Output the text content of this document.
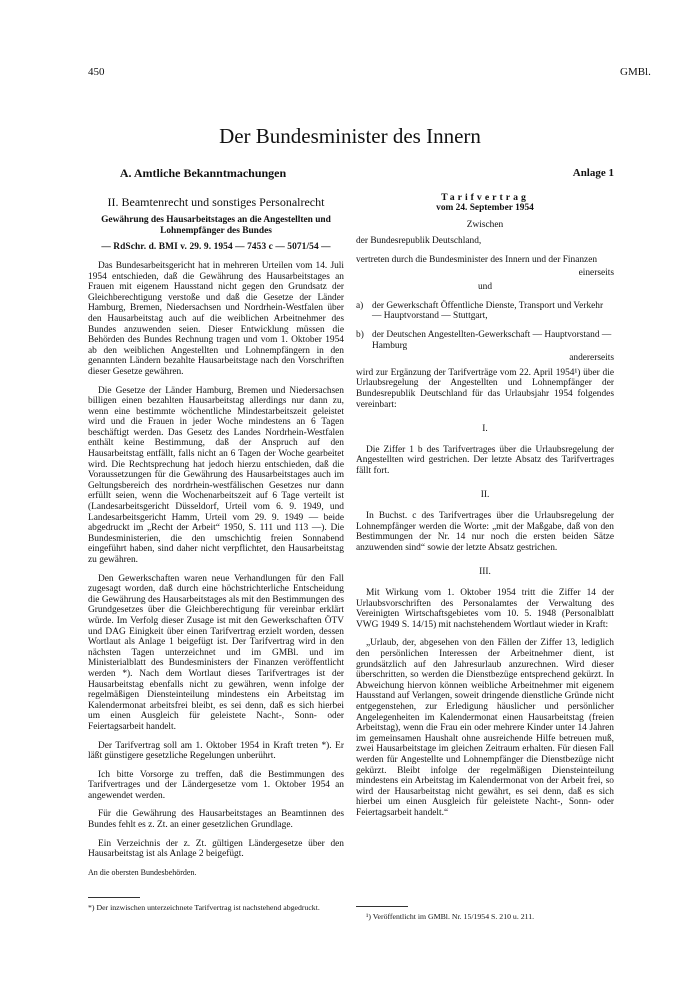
450	GMBl.
Der Bundesminister des Innern
A. Amtliche Bekanntmachungen
II. Beamtenrecht und sonstiges Personalrecht
Gewährung des Hausarbeitstages an die Angestellten und Lohnempfänger des Bundes
— RdSchr. d. BMI v. 29. 9. 1954 — 7453 c — 5071/54 —

Das Bundesarbeitsgericht hat in mehreren Urteilen vom 14. Juli 1954 entschieden, daß die Gewährung des Hausarbeitstages an Frauen mit eigenem Hausstand nicht gegen den Grundsatz der Gleichberechtigung verstoße und daß die Gesetze der Länder Hamburg, Bremen, Niedersachsen und Nordrhein-Westfalen über den Hausarbeitstag auch auf die weiblichen Arbeitnehmer des Bundes anzuwenden seien. Dieser Entwicklung müssen die Behörden des Bundes Rechnung tragen und vom 1. Oktober 1954 ab den weiblichen Angestellten und Lohnempfängern in den genannten Ländern bezahlte Hausarbeitstage nach den Vorschriften dieser Gesetze gewähren.

Die Gesetze der Länder Hamburg, Bremen und Niedersachsen billigen einen bezahlten Hausarbeitstag allerdings nur dann zu, wenn eine bestimmte wöchentliche Mindestarbeitszeit geleistet wird und die Frauen in jeder Woche mindestens an 6 Tagen beschäftigt werden. Das Gesetz des Landes Nordrhein-Westfalen enthält keine Bestimmung, daß der Anspruch auf den Hausarbeitstag entfällt, falls nicht an 6 Tagen der Woche gearbeitet wird. Die Rechtsprechung hat jedoch hierzu entschieden, daß die Voraussetzungen für die Gewährung des Hausarbeitstages auch im Geltungsbereich des nordrhein-westfälischen Gesetzes nur dann erfüllt seien, wenn die Wochenarbeitszeit auf 6 Tage verteilt ist (Landesarbeitsgericht Düsseldorf, Urteil vom 6. 9. 1949, und Landesarbeitsgericht Hamm, Urteil vom 29. 9. 1949 — beide abgedruckt im „Recht der Arbeit“ 1950, S. 111 und 113 —). Die Bundesministerien, die den umschichtig freien Sonnabend eingeführt haben, sind daher nicht verpflichtet, den Hausarbeitstag zu gewähren.

Den Gewerkschaften waren neue Verhandlungen für den Fall zugesagt worden, daß durch eine höchstrichterliche Entscheidung die Gewährung des Hausarbeitstages als mit den Bestimmungen des Grundgesetzes über die Gleichberechtigung für vereinbar erklärt würde. Im Verfolg dieser Zusage ist mit den Gewerkschaften ÖTV und DAG Einigkeit über einen Tarifvertrag erzielt worden, dessen Wortlaut als Anlage 1 beigefügt ist. Der Tarifvertrag wird in den nächsten Tagen unterzeichnet und im GMBl. und im Ministerialblatt des Bundesministers der Finanzen veröffentlicht werden *). Nach dem Wortlaut dieses Tarifvertrages ist der Hausarbeitstag ebenfalls nicht zu gewähren, wenn infolge der regelmäßigen Diensteinteilung mindestens ein Arbeitstag im Kalendermonat arbeitsfrei bleibt, es sei denn, daß es sich hierbei um einen Ausgleich für geleistete Nacht-, Sonn- oder Feiertagsarbeit handelt.

Der Tarifvertrag soll am 1. Oktober 1954 in Kraft treten *). Er läßt günstigere gesetzliche Regelungen unberührt.

Ich bitte Vorsorge zu treffen, daß die Bestimmungen des Tarifvertrages und der Ländergesetze vom 1. Oktober 1954 an angewendet werden.

Für die Gewährung des Hausarbeitstages an Beamtinnen des Bundes fehlt es z. Zt. an einer gesetzlichen Grundlage.

Ein Verzeichnis der z. Zt. gültigen Ländergesetze über den Hausarbeitstag ist als Anlage 2 beigefügt.

An die obersten Bundesbehörden.

Anlage 1
Tarifvertrag
vom 24. September 1954
Zwischen
der Bundesrepublik Deutschland,
vertreten durch die Bundesminister des Innern und der Finanzen
einerseits
und
a) der Gewerkschaft Öffentliche Dienste, Transport und Verkehr — Hauptvorstand — Stuttgart,
b) der Deutschen Angestellten-Gewerkschaft — Hauptvorstand — Hamburg
andererseits

wird zur Ergänzung der Tarifverträge vom 22. April 1954¹) über die Urlaubsregelung der Angestellten und Lohnempfänger der Bundesrepublik Deutschland für das Urlaubsjahr 1954 folgendes vereinbart:

I.

Die Ziffer 1 b des Tarifvertrages über die Urlaubsregelung der Angestellten wird gestrichen. Der letzte Absatz des Tarifvertrages fällt fort.

II.

In Buchst. c des Tarifvertrages über die Urlaubsregelung der Lohnempfänger werden die Worte: „mit der Maßgabe, daß von den Bestimmungen der Nr. 14 nur noch die ersten beiden Sätze anzuwenden sind“ sowie der letzte Absatz gestrichen.

III.

Mit Wirkung vom 1. Oktober 1954 tritt die Ziffer 14 der Urlaubsvorschriften des Personalamtes der Verwaltung des Vereinigten Wirtschaftsgebietes vom 10. 5. 1948 (Personalblatt VWG 1949 S. 14/15) mit nachstehendem Wortlaut wieder in Kraft:

„Urlaub, der, abgesehen von den Fällen der Ziffer 13, lediglich den persönlichen Interessen der Arbeitnehmer dient, ist grundsätzlich auf den Jahresurlaub anzurechnen. Wird dieser überschritten, so werden die Dienstbezüge entsprechend gekürzt. In Abweichung hiervon können weibliche Arbeitnehmer mit eigenem Hausstand auf Verlangen, soweit dringende dienstliche Gründe nicht entgegenstehen, zur Erledigung häuslicher und persönlicher Angelegenheiten im Kalendermonat einen Hausarbeitstag (freien Arbeitstag), wenn die Frau ein oder mehrere Kinder unter 14 Jahren im gemeinsamen Haushalt ohne ausreichende Hilfe betreuen muß, zwei Hausarbeitstage im gleichen Zeitraum erhalten. Für diesen Fall werden für Angestellte und Lohnempfänger die Dienstbezüge nicht gekürzt. Bleibt infolge der regelmäßigen Diensteinteilung mindestens ein Arbeitstag im Kalendermonat von der Arbeit frei, so wird der Hausarbeitstag nicht gewährt, es sei denn, daß es sich hierbei um einen Ausgleich für geleistete Nacht-, Sonn- oder Feiertagsarbeit handelt.“

*) Der inzwischen unterzeichnete Tarifvertrag ist nachstehend abgedruckt.
¹) Veröffentlicht im GMBl. Nr. 15/1954 S. 210 u. 211.
